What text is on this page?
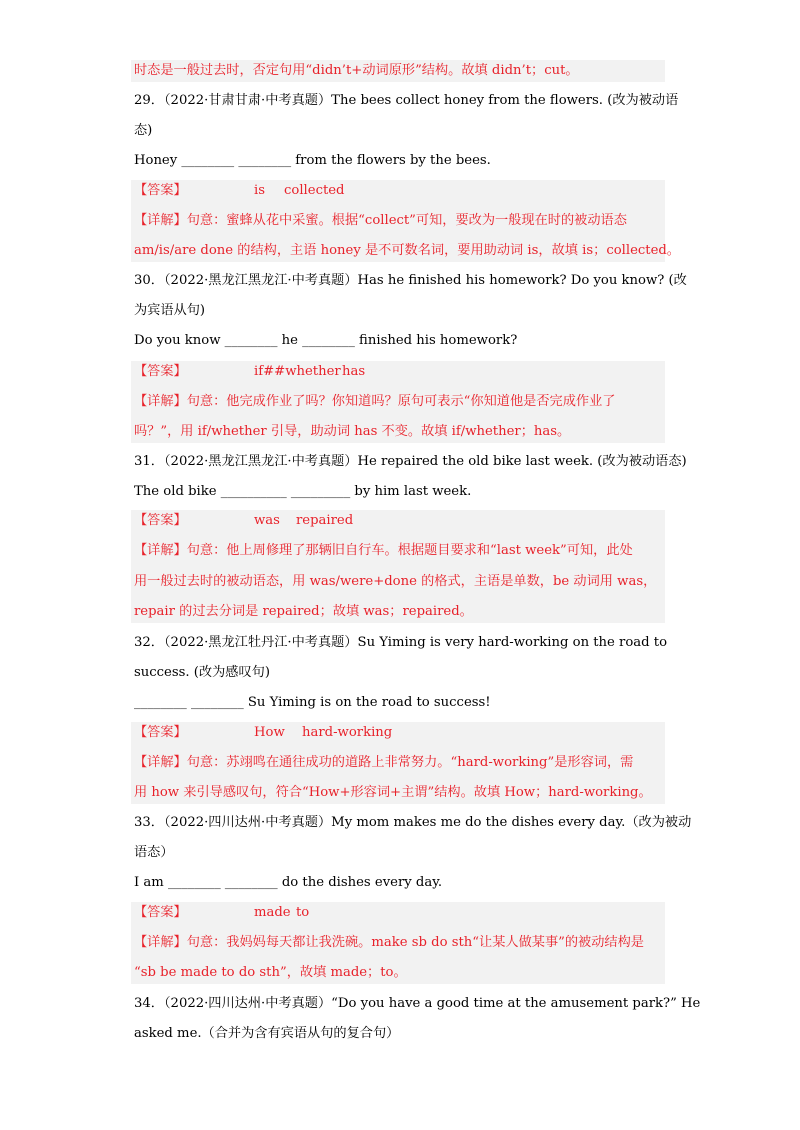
时态是一般过去时，否定句用“didn’t+动词原形”结构。故填 didn’t；cut。
29．（2022·甘肃甘肃·中考真题）The bees collect honey from the flowers. (改为被动语
态)
Honey ________ ________ from the flowers by the bees.
【答案】	is collected
【详解】句意：蜜蜂从花中采蜜。根据“collect”可知，要改为一般现在时的被动语态
am/is/are done 的结构，主语 honey 是不可数名词，要用助动词 is，故填 is；collected。
30．（2022·黑龙江黑龙江·中考真题）Has he finished his homework? Do you know? (改
为宾语从句)
Do you know ________ he ________ finished his homework?
【答案】	if##whetherhas
【详解】句意：他完成作业了吗？你知道吗？原句可表示“你知道他是否完成作业了
吗？”，用 if/whether 引导，助动词 has 不变。故填 if/whether；has。
31．（2022·黑龙江黑龙江·中考真题）He repaired the old bike last week. (改为被动语态)
The old bike __________ _________ by him last week.
【答案】	was repaired
【详解】句意：他上周修理了那辆旧自行车。根据题目要求和“last week”可知，此处
用一般过去时的被动语态，用 was/were+done 的格式，主语是单数，be 动词用 was，
repair 的过去分词是 repaired；故填 was；repaired。
32．（2022·黑龙江牡丹江·中考真题）Su Yiming is very hard-working on the road to
success. (改为感叹句)
________ ________ Su Yiming is on the road to success!
【答案】	How hard-working
【详解】句意：苏翊鸣在通往成功的道路上非常努力。“hard-working”是形容词，需
用 how 来引导感叹句，符合“How+形容词+主谓”结构。故填 How；hard-working。
33．（2022·四川达州·中考真题）My mom makes me do the dishes every day.（改为被动
语态）
I am ________ ________ do the dishes every day.
【答案】	made to
【详解】句意：我妈妈每天都让我洗碗。make sb do sth“让某人做某事”的被动结构是
“sb be made to do sth”，故填 made；to。
34．（2022·四川达州·中考真题）“Do you have a good time at the amusement park?” He
asked me.（合并为含有宾语从句的复合句）
